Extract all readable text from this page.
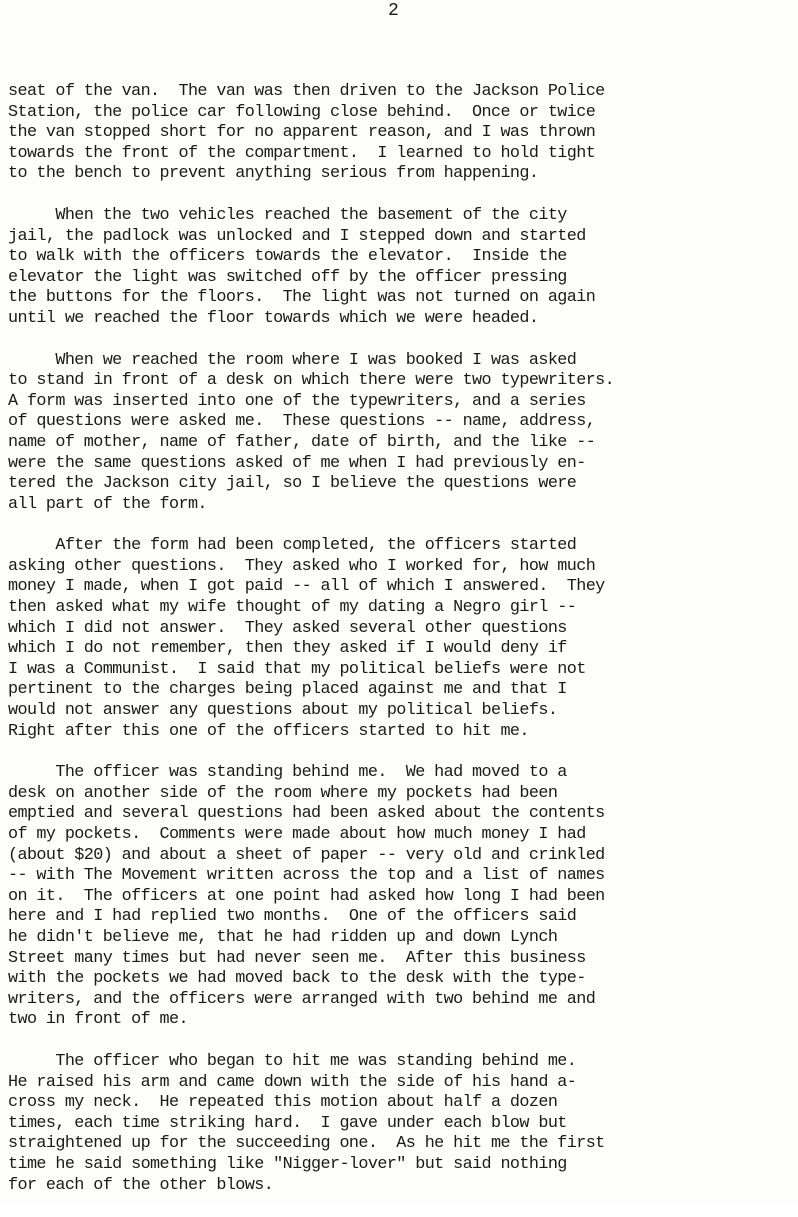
2
seat of the van.  The van was then driven to the Jackson Police
Station, the police car following close behind.  Once or twice
the van stopped short for no apparent reason, and I was thrown
towards the front of the compartment.  I learned to hold tight
to the bench to prevent anything serious from happening.
When the two vehicles reached the basement of the city
jail, the padlock was unlocked and I stepped down and started
to walk with the officers towards the elevator.  Inside the
elevator the light was switched off by the officer pressing
the buttons for the floors.  The light was not turned on again
until we reached the floor towards which we were headed.
When we reached the room where I was booked I was asked
to stand in front of a desk on which there were two typewriters.
A form was inserted into one of the typewriters, and a series
of questions were asked me.  These questions -- name, address,
name of mother, name of father, date of birth, and the like --
were the same questions asked of me when I had previously en-
tered the Jackson city jail, so I believe the questions were
all part of the form.
After the form had been completed, the officers started
asking other questions.  They asked who I worked for, how much
money I made, when I got paid -- all of which I answered.  They
then asked what my wife thought of my dating a Negro girl --
which I did not answer.  They asked several other questions
which I do not remember, then they asked if I would deny if
I was a Communist.  I said that my political beliefs were not
pertinent to the charges being placed against me and that I
would not answer any questions about my political beliefs.
Right after this one of the officers started to hit me.
The officer was standing behind me.  We had moved to a
desk on another side of the room where my pockets had been
emptied and several questions had been asked about the contents
of my pockets.  Comments were made about how much money I had
(about $20) and about a sheet of paper -- very old and crinkled
-- with The Movement written across the top and a list of names
on it.  The officers at one point had asked how long I had been
here and I had replied two months.  One of the officers said
he didn't believe me, that he had ridden up and down Lynch
Street many times but had never seen me.  After this business
with the pockets we had moved back to the desk with the type-
writers, and the officers were arranged with two behind me and
two in front of me.
The officer who began to hit me was standing behind me.
He raised his arm and came down with the side of his hand a-
cross my neck.  He repeated this motion about half a dozen
times, each time striking hard.  I gave under each blow but
straightened up for the succeeding one.  As he hit me the first
time he said something like "Nigger-lover" but said nothing
for each of the other blows.
